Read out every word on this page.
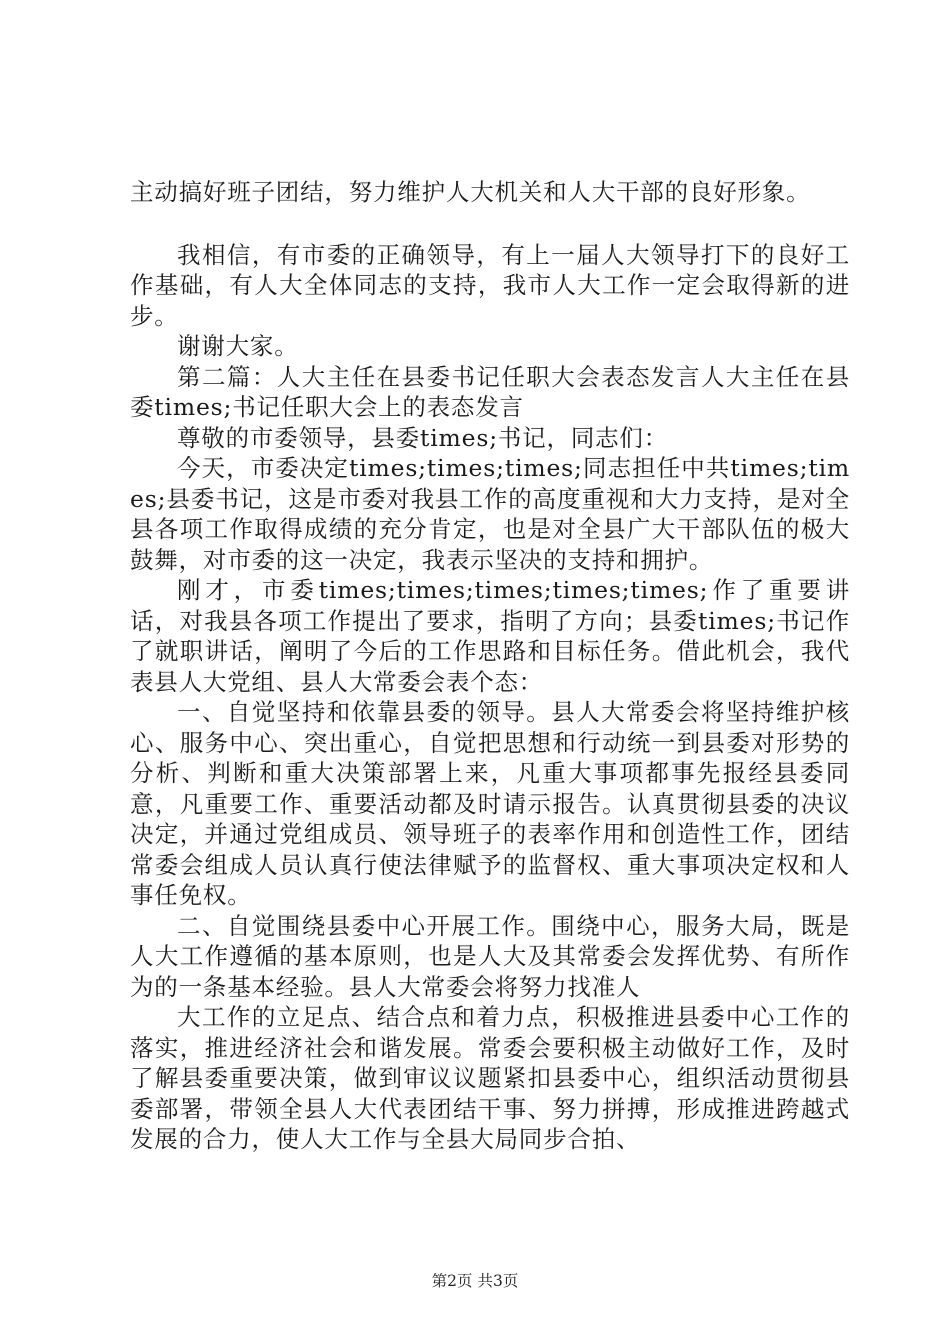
主动搞好班子团结，努力维护人大机关和人大干部的良好形象。

我相信，有市委的正确领导，有上一届人大领导打下的良好工作基础，有人大全体同志的支持，我市人大工作一定会取得新的进步。

谢谢大家。

第二篇：人大主任在县委书记任职大会表态发言人大主任在县委times;书记任职大会上的表态发言

尊敬的市委领导，县委times;书记，同志们：

今天，市委决定times;times;times;同志担任中共times;times;县委书记，这是市委对我县工作的高度重视和大力支持，是对全县各项工作取得成绩的充分肯定，也是对全县广大干部队伍的极大鼓舞，对市委的这一决定，我表示坚决的支持和拥护。

刚才，市委times;times;times;times;times;作了重要讲话，对我县各项工作提出了要求，指明了方向；县委times;书记作了就职讲话，阐明了今后的工作思路和目标任务。借此机会，我代表县人大党组、县人大常委会表个态：

一、自觉坚持和依靠县委的领导。县人大常委会将坚持维护核心、服务中心、突出重心，自觉把思想和行动统一到县委对形势的分析、判断和重大决策部署上来，凡重大事项都事先报经县委同意，凡重要工作、重要活动都及时请示报告。认真贯彻县委的决议决定，并通过党组成员、领导班子的表率作用和创造性工作，团结常委会组成人员认真行使法律赋予的监督权、重大事项决定权和人事任免权。

二、自觉围绕县委中心开展工作。围绕中心，服务大局，既是人大工作遵循的基本原则，也是人大及其常委会发挥优势、有所作为的一条基本经验。县人大常委会将努力找准人

大工作的立足点、结合点和着力点，积极推进县委中心工作的落实，推进经济社会和谐发展。常委会要积极主动做好工作，及时了解县委重要决策，做到审议议题紧扣县委中心，组织活动贯彻县委部署，带领全县人大代表团结干事、努力拼搏，形成推进跨越式发展的合力，使人大工作与全县大局同步合拍、

第2页 共3页
